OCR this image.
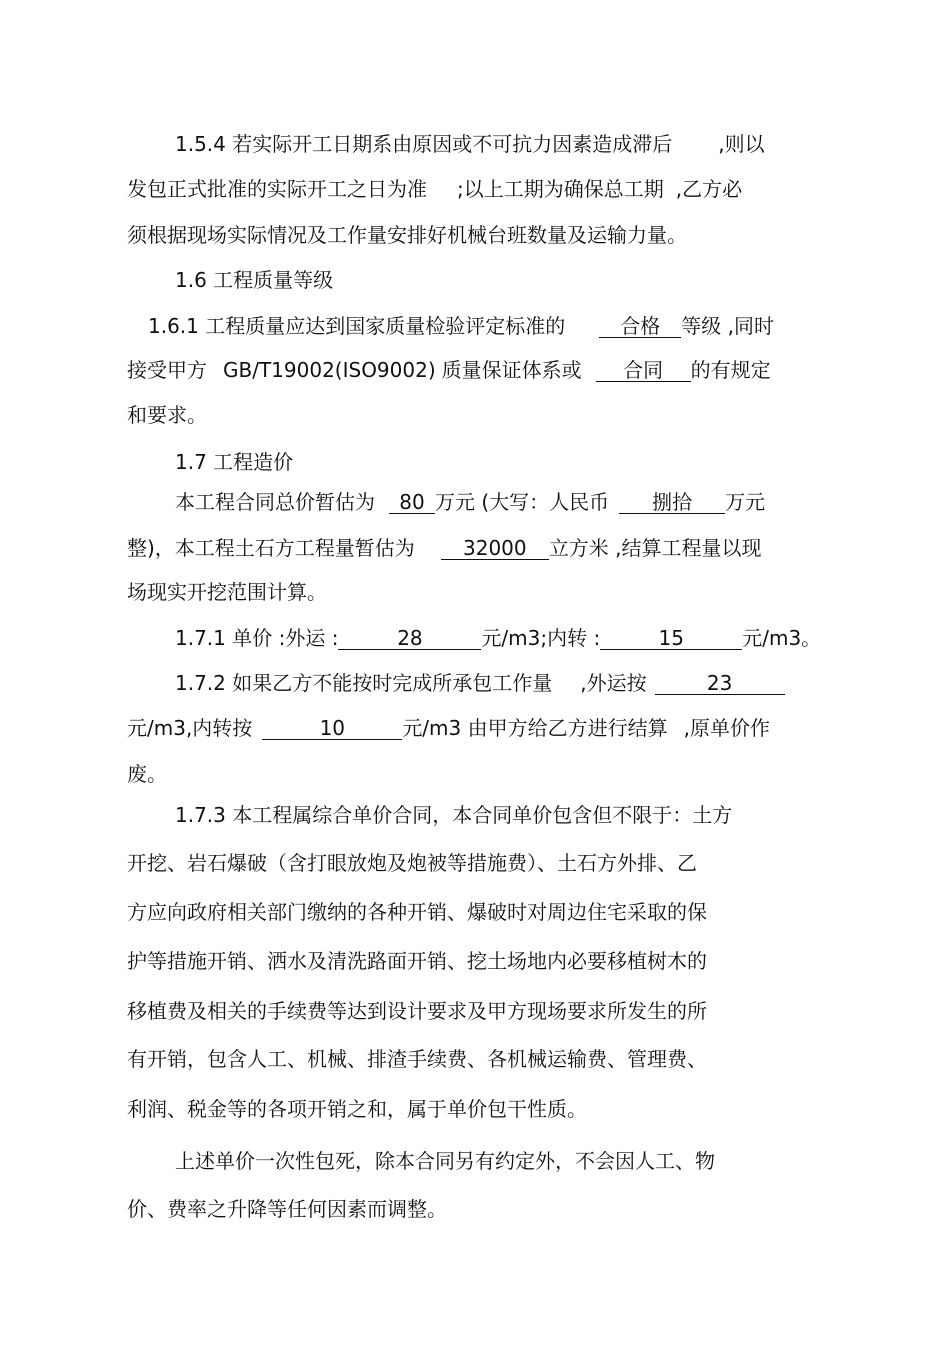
1.5.4 若实际开工日期系由原因或不可抗力因素造成滞后 ,则以
发包正式批准的实际开工之日为准 ;以上工期为确保总工期 ,乙方必
须根据现场实际情况及工作量安排好机械台班数量及运输力量。
1.6 工程质量等级
1.6.1 工程质量应达到国家质量检验评定标准的	合格 等级 ,同时
接受甲方 GB/T19002(ISO9002) 质量保证体系或 合同 的有规定
和要求。
1.7 工程造价
本工程合同总价暂估为 80 万元 (大写：人民币 捌拾 万元
整)，本工程土石方工程量暂估为 32000 立方米 ,结算工程量以现
场现实开挖范围计算。
1.7.1 单价 :外运 :	28	元/m3;内转 :	15	元/m3。
1.7.2 如果乙方不能按时完成所承包工作量 ,外运按	23
元/m3,内转按	10	元/m3 由甲方给乙方进行结算 ,原单价作
废。
1.7.3 本工程属综合单价合同，本合同单价包含但不限于：土方
开挖、岩石爆破（含打眼放炮及炮被等措施费）、土石方外排、乙
方应向政府相关部门缴纳的各种开销、爆破时对周边住宅采取的保
护等措施开销、洒水及清洗路面开销、挖土场地内必要移植树木的
移植费及相关的手续费等达到设计要求及甲方现场要求所发生的所
有开销，包含人工、机械、排渣手续费、各机械运输费、管理费、
利润、税金等的各项开销之和，属于单价包干性质。
上述单价一次性包死，除本合同另有约定外，不会因人工、物
价、费率之升降等任何因素而调整。
